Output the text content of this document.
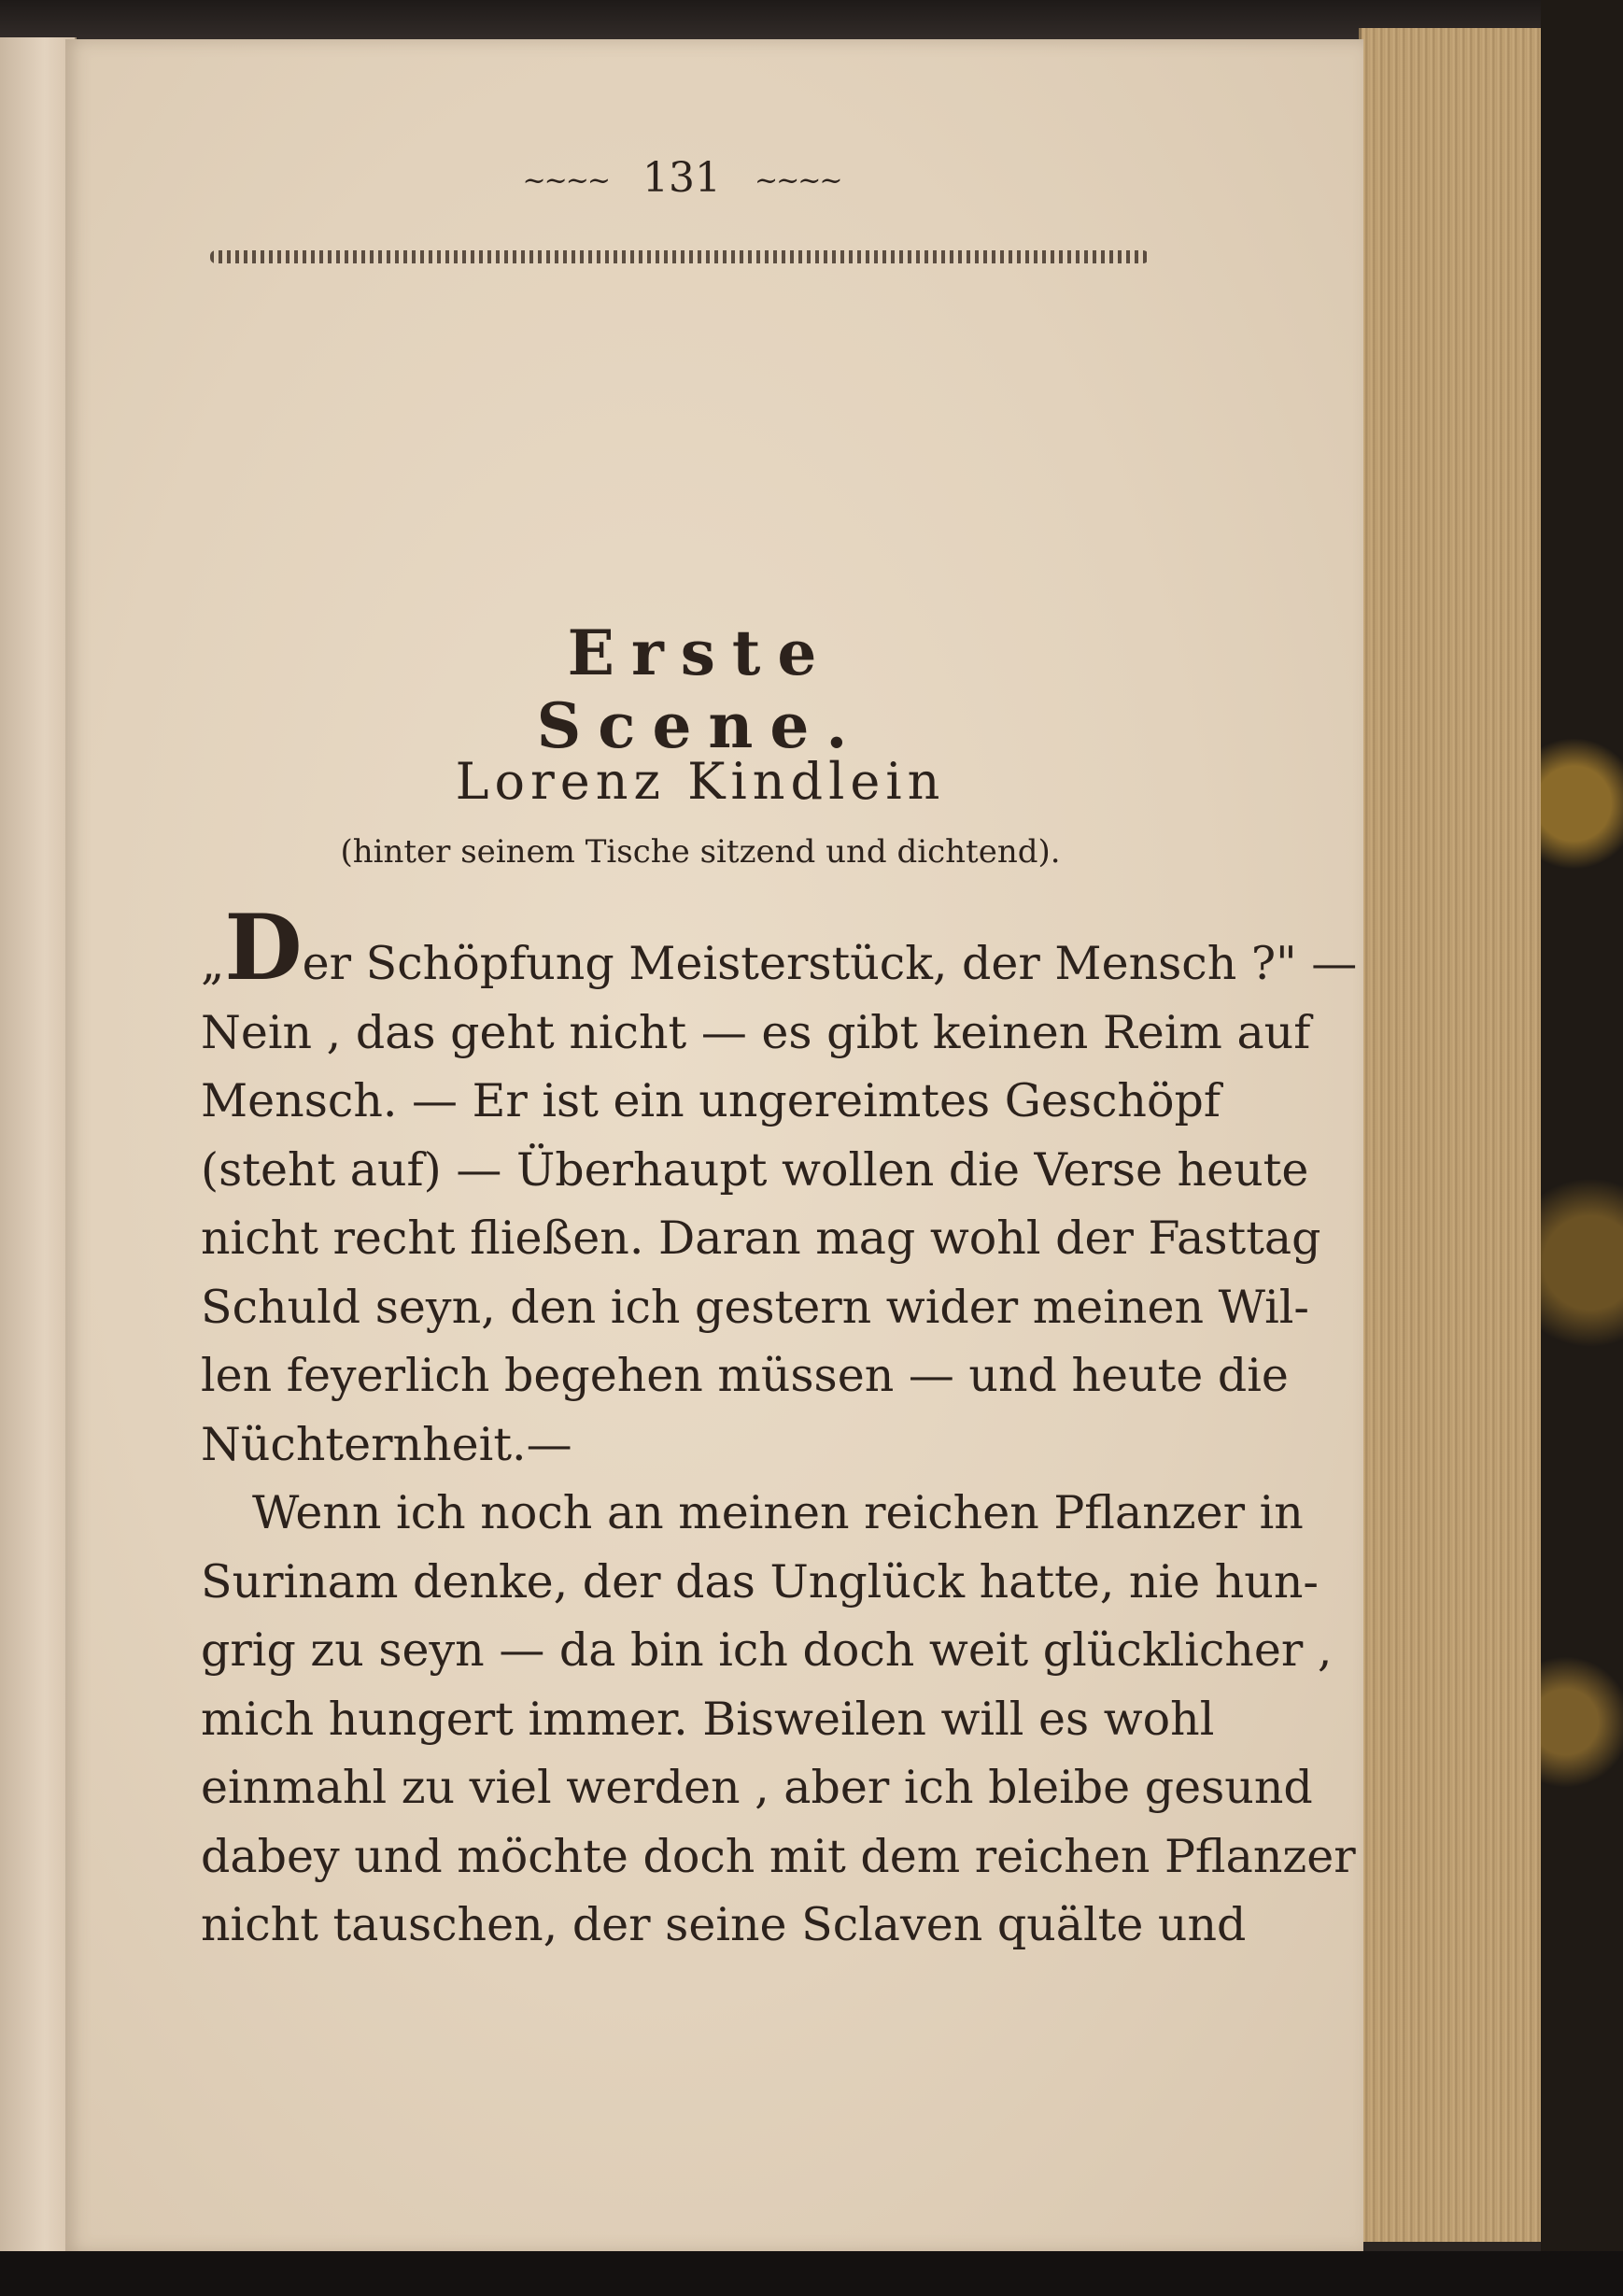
~~~~ 131 ~~~~
Erste Scene.
Lorenz Kindlein
(hinter seinem Tische sitzend und dichtend).
„Der Schöpfung Meisterstück, der Mensch ?" —
Nein , das geht nicht — es gibt keinen Reim auf
Mensch. — Er ist ein ungereimtes Geschöpf
(steht auf) — Überhaupt wollen die Verse heute
nicht recht fließen. Daran mag wohl der Fasttag
Schuld seyn, den ich gestern wider meinen Wil-
len feyerlich begehen müssen — und heute die
Nüchternheit.—
Wenn ich noch an meinen reichen Pflanzer in
Surinam denke, der das Unglück hatte, nie hun-
grig zu seyn — da bin ich doch weit glücklicher ,
mich hungert immer. Bisweilen will es wohl
einmahl zu viel werden , aber ich bleibe gesund
dabey und möchte doch mit dem reichen Pflanzer
nicht tauschen, der seine Sclaven quälte und
